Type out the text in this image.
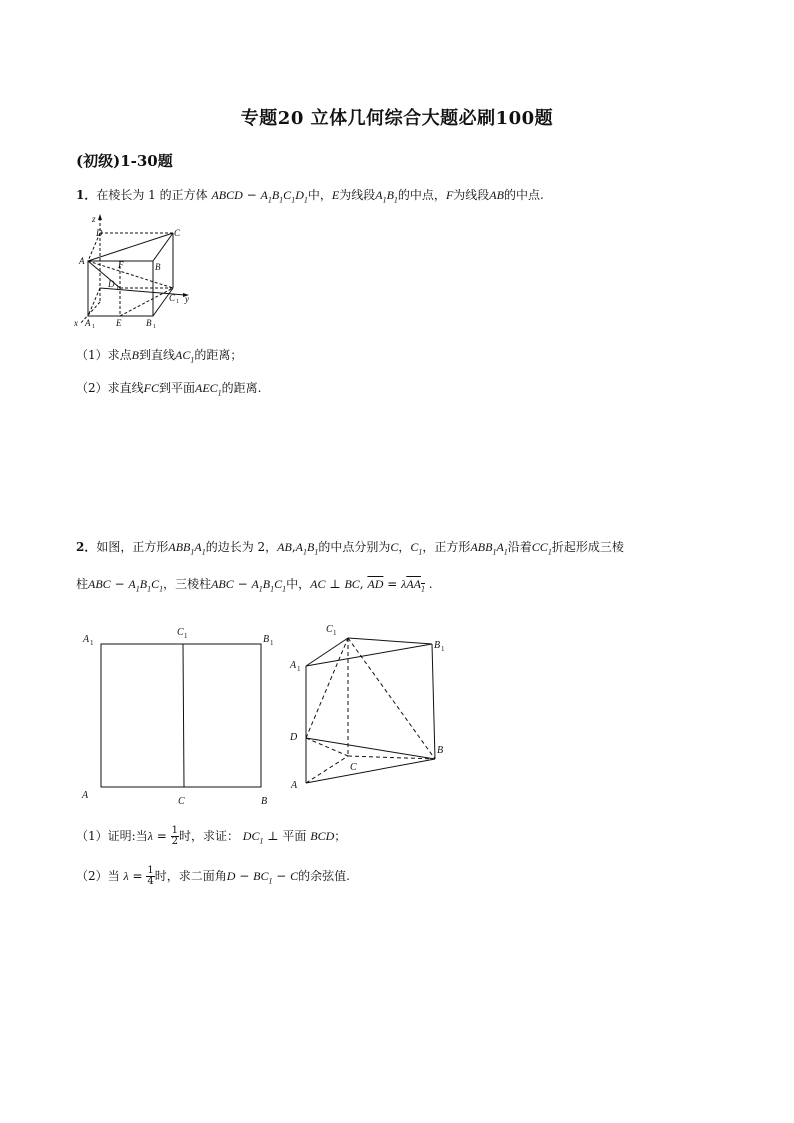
专题20 立体几何综合大题必刷100题
(初级)1-30题
1．在棱长为 1 的正方体 ABCD − $A_1B_1C_1D_1$中，E为线段$A_1B_1$的中点，F为线段AB的中点.
z
D	C
A	F	B
D 1
C 1 y
x A 1 E	B 1
（1）求点B到直线$AC_1$的距离；
（2）求直线FC到平面$AEC_1$的距离.
2．如图，正方形$ABB_1A_1$的边长为 2，$AB,A_1B_1$的中点分别为C，$C_1$，正方形$ABB_1A_1$沿着$CC_1$折起形成三棱
柱ABC − $A_1B_1C_1$，三棱柱ABC − $A_1B_1C_1$中，AC ⊥ BC, $\overline{AD} = \lambda AA_1$ .
A 1
C 1	B 1
A
C	B
C 1
B 1
A 1
D
B
C
A
（1）证明:当$\lambda = \frac{1}{2}$ 时，求证： $DC_1$ ⊥ 平面 BCD；
（2）当 $\lambda = \frac{1}{4}$ 时，求二面角$D - BC_1 - C$的余弦值.
